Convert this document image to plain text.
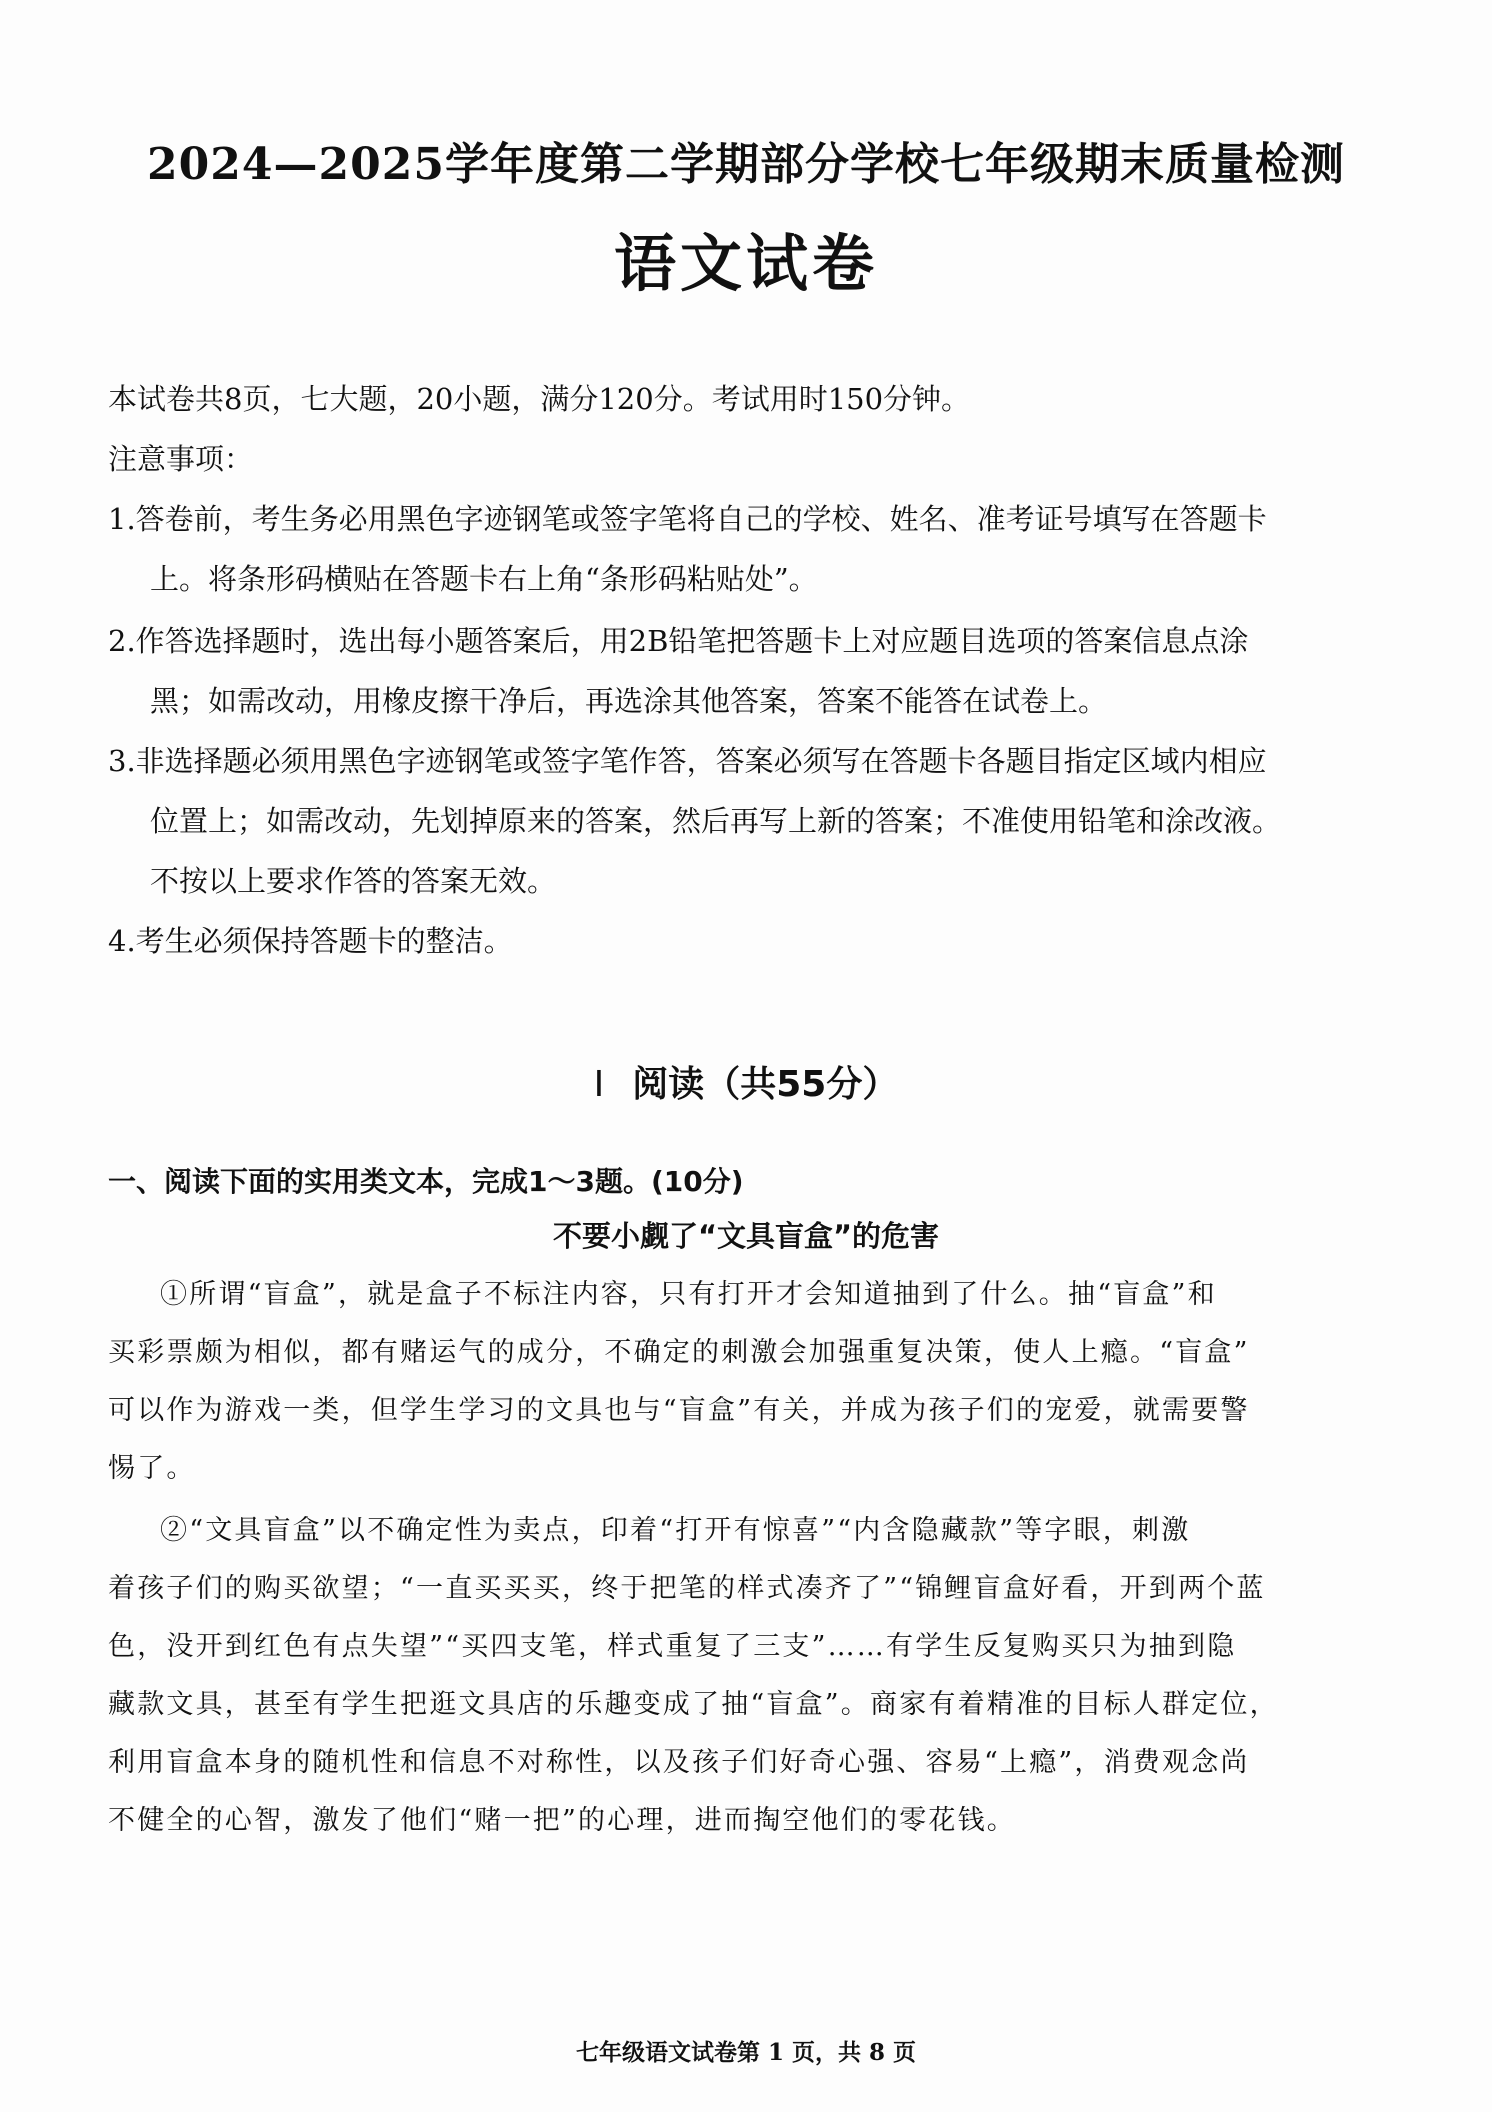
2024—2025学年度第二学期部分学校七年级期末质量检测
语文试卷
本试卷共8页，七大题，20小题，满分120分。考试用时150分钟。
注意事项：
1.答卷前，考生务必用黑色字迹钢笔或签字笔将自己的学校、姓名、准考证号填写在答题卡
上。将条形码横贴在答题卡右上角“条形码粘贴处”。
2.作答选择题时，选出每小题答案后，用2B铅笔把答题卡上对应题目选项的答案信息点涂
黑；如需改动，用橡皮擦干净后，再选涂其他答案，答案不能答在试卷上。
3.非选择题必须用黑色字迹钢笔或签字笔作答，答案必须写在答题卡各题目指定区域内相应
位置上；如需改动，先划掉原来的答案，然后再写上新的答案；不准使用铅笔和涂改液。
不按以上要求作答的答案无效。
4.考生必须保持答题卡的整洁。
Ⅰ 阅读（共55分）
一、阅读下面的实用类文本，完成1～3题。(10分)
不要小觑了“文具盲盒”的危害
①所谓“盲盒”，就是盒子不标注内容，只有打开才会知道抽到了什么。抽“盲盒”和
买彩票颇为相似，都有赌运气的成分，不确定的刺激会加强重复决策，使人上瘾。“盲盒”
可以作为游戏一类，但学生学习的文具也与“盲盒”有关，并成为孩子们的宠爱，就需要警
惕了。
②“文具盲盒”以不确定性为卖点，印着“打开有惊喜”“内含隐藏款”等字眼，刺激
着孩子们的购买欲望；“一直买买买，终于把笔的样式凑齐了”“锦鲤盲盒好看，开到两个蓝
色，没开到红色有点失望”“买四支笔，样式重复了三支”……有学生反复购买只为抽到隐
藏款文具，甚至有学生把逛文具店的乐趣变成了抽“盲盒”。商家有着精准的目标人群定位，
利用盲盒本身的随机性和信息不对称性，以及孩子们好奇心强、容易“上瘾”，消费观念尚
不健全的心智，激发了他们“赌一把”的心理，进而掏空他们的零花钱。
七年级语文试卷第 1 页，共 8 页
